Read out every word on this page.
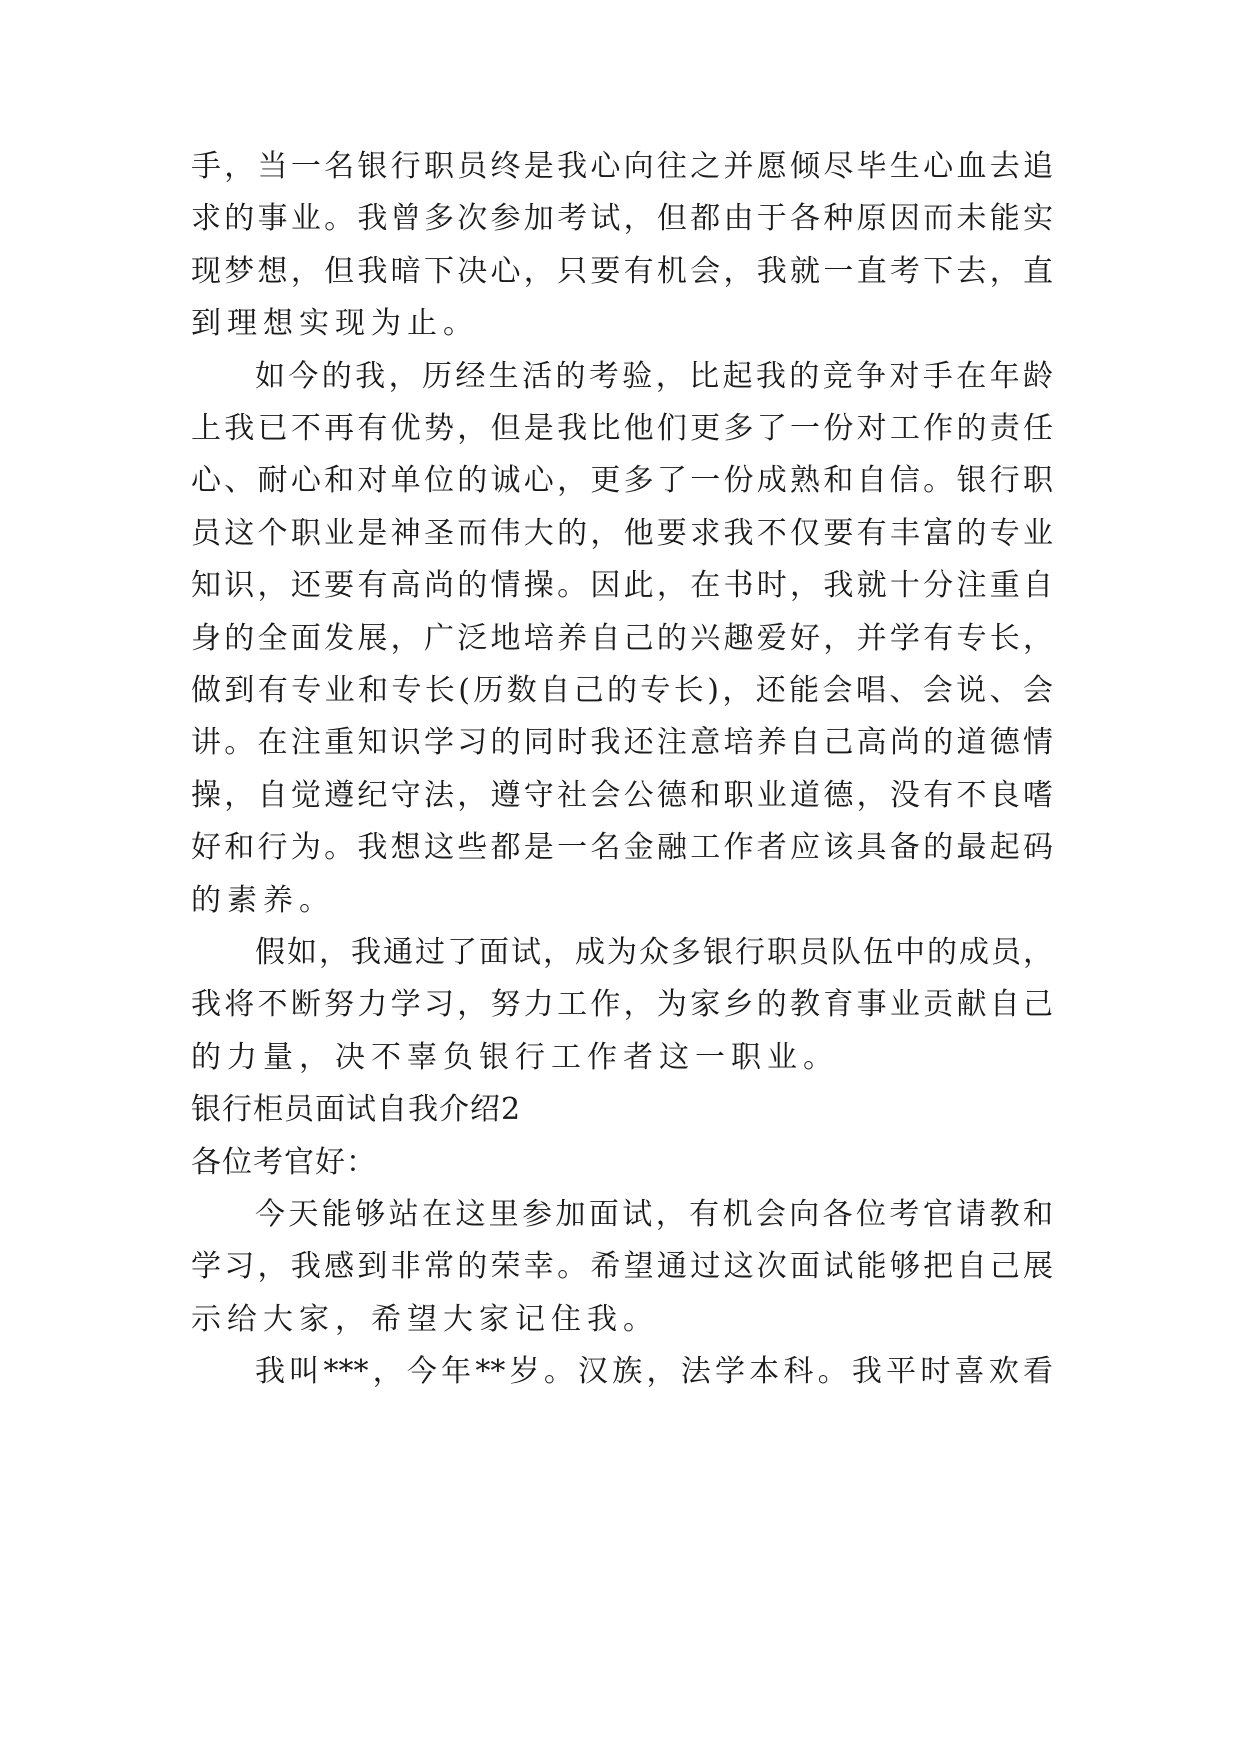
手，当一名银行职员终是我心向往之并愿倾尽毕生心血去追
求的事业。我曾多次参加考试，但都由于各种原因而未能实
现梦想，但我暗下决心，只要有机会，我就一直考下去，直
到理想实现为止。
如今的我，历经生活的考验，比起我的竞争对手在年龄
上我已不再有优势，但是我比他们更多了一份对工作的责任
心、耐心和对单位的诚心，更多了一份成熟和自信。银行职
员这个职业是神圣而伟大的，他要求我不仅要有丰富的专业
知识，还要有高尚的情操。因此，在书时，我就十分注重自
身的全面发展，广泛地培养自己的兴趣爱好，并学有专长，
做到有专业和专长(历数自己的专长)，还能会唱、会说、会
讲。在注重知识学习的同时我还注意培养自己高尚的道德情
操，自觉遵纪守法，遵守社会公德和职业道德，没有不良嗜
好和行为。我想这些都是一名金融工作者应该具备的最起码
的素养。
假如，我通过了面试，成为众多银行职员队伍中的成员，
我将不断努力学习，努力工作，为家乡的教育事业贡献自己
的力量，决不辜负银行工作者这一职业。
银行柜员面试自我介绍2
各位考官好：
今天能够站在这里参加面试，有机会向各位考官请教和
学习，我感到非常的荣幸。希望通过这次面试能够把自己展
示给大家，希望大家记住我。
我叫***，今年**岁。汉族，法学本科。我平时喜欢看
